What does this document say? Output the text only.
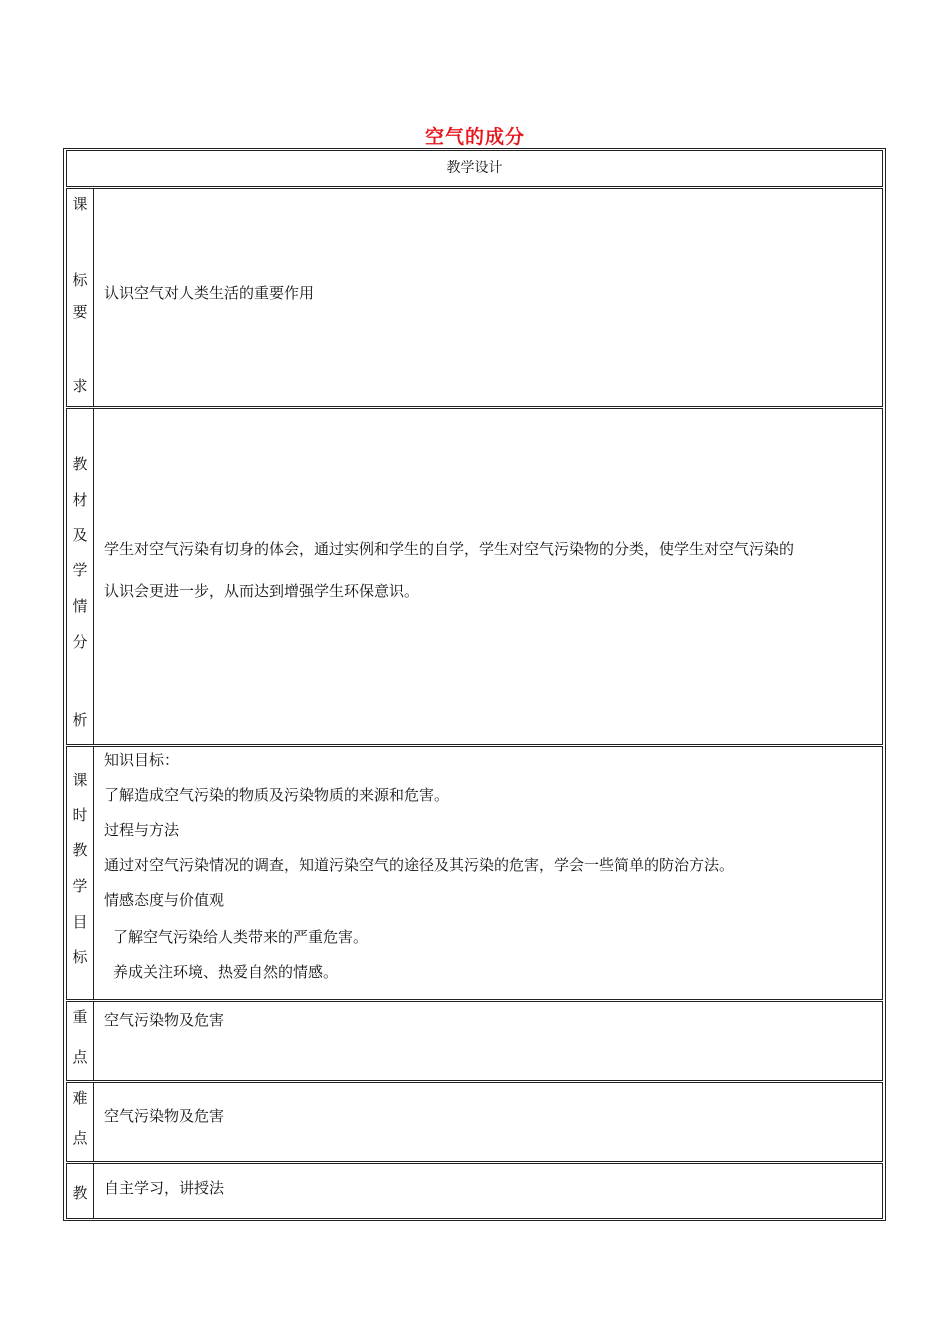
空气的成分
教学设计
课
标
要
求
认识空气对人类生活的重要作用
教
材
及
学
情
分
析
学生对空气污染有切身的体会，通过实例和学生的自学，学生对空气污染物的分类，使学生对空气污染的
认识会更进一步，从而达到增强学生环保意识。
课
时
教
学
目
标
知识目标：
了解造成空气污染的物质及污染物质的来源和危害。
过程与方法
通过对空气污染情况的调查，知道污染空气的途径及其污染的危害，学会一些简单的防治方法。
情感态度与价值观
了解空气污染给人类带来的严重危害。
养成关注环境、热爱自然的情感。
重
点
空气污染物及危害
难
点
空气污染物及危害
教	自主学习，讲授法
